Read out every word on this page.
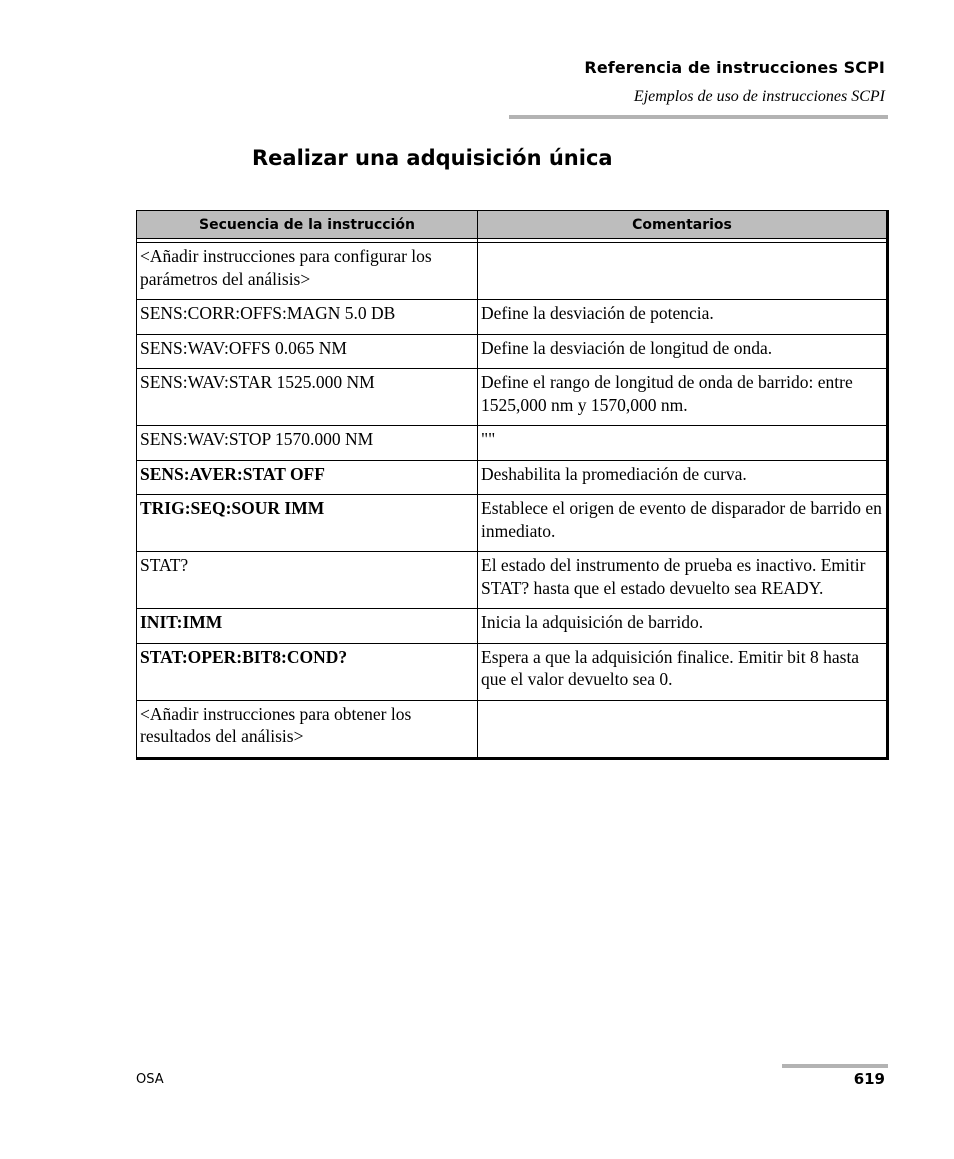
Referencia de instrucciones SCPI
Ejemplos de uso de instrucciones SCPI
Realizar una adquisición única
Secuencia de la instrucción	Comentarios

<Añadir instrucciones para configurar los parámetros del análisis>	
SENS:CORR:OFFS:MAGN 5.0 DB	Define la desviación de potencia.
SENS:WAV:OFFS 0.065 NM	Define la desviación de longitud de onda.
SENS:WAV:STAR 1525.000 NM	Define el rango de longitud de onda de barrido: entre 1525,000 nm y 1570,000 nm.
SENS:WAV:STOP 1570.000 NM	""
SENS:AVER:STAT OFF	Deshabilita la promediación de curva.
TRIG:SEQ:SOUR IMM	Establece el origen de evento de disparador de barrido en inmediato.
STAT?	El estado del instrumento de prueba es inactivo. Emitir STAT? hasta que el estado devuelto sea READY.
INIT:IMM	Inicia la adquisición de barrido.
STAT:OPER:BIT8:COND?	Espera a que la adquisición finalice. Emitir bit 8 hasta que el valor devuelto sea 0.
<Añadir instrucciones para obtener los resultados del análisis>	
OSA	619
